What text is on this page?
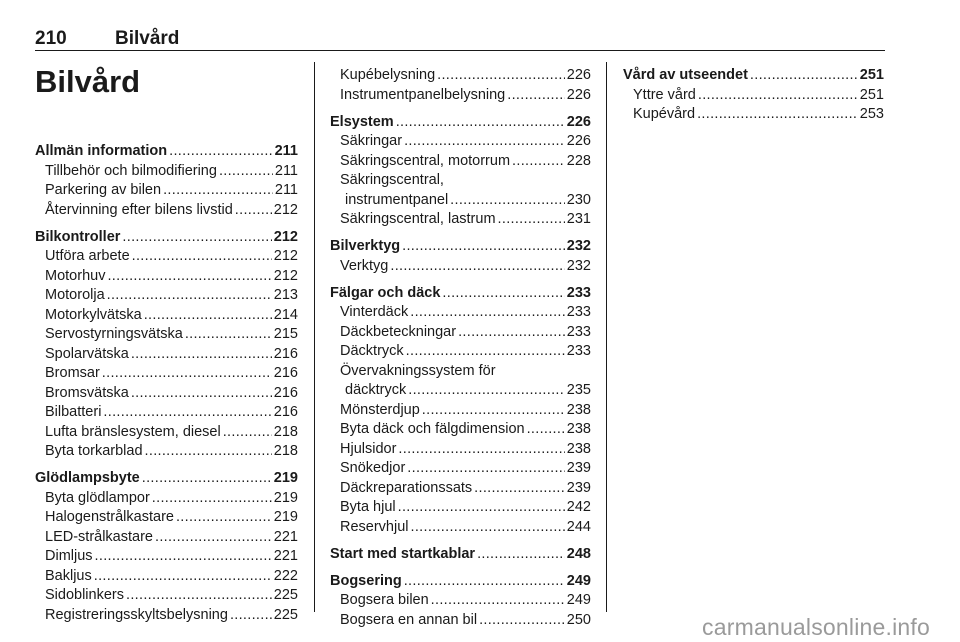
210	Bilvård
Bilvård
Allmän information .....	211
Tillbehör och bilmodifiering .....	211
Parkering av bilen .....	211
Återvinning efter bilens livstid .....	212
Bilkontroller .....	212
Utföra arbete .....	212
Motorhuv .....	212
Motorolja .....	213
Motorkylvätska .....	214
Servostyrningsvätska .....	215
Spolarvätska .....	216
Bromsar .....	216
Bromsvätska .....	216
Bilbatteri .....	216
Lufta bränslesystem, diesel .....	218
Byta torkarblad .....	218
Glödlampsbyte .....	219
Byta glödlampor .....	219
Halogenstrålkastare .....	219
LED-strålkastare .....	221
Dimljus .....	221
Bakljus .....	222
Sidoblinkers .....	225
Registreringsskyltsbelysning .....	225
Kupébelysning .....	226
Instrumentpanelbelysning .....	226
Elsystem .....	226
Säkringar .....	226
Säkringscentral, motorrum .....	228
Säkringscentral,
instrumentpanel .....	230
Säkringscentral, lastrum .....	231
Bilverktyg .....	232
Verktyg .....	232
Fälgar och däck .....	233
Vinterdäck .....	233
Däckbeteckningar .....	233
Däcktryck .....	233
Övervakningssystem för
däcktryck .....	235
Mönsterdjup .....	238
Byta däck och fälgdimension .....	238
Hjulsidor .....	238
Snökedjor .....	239
Däckreparationssats .....	239
Byta hjul .....	242
Reservhjul .....	244
Start med startkablar .....	248
Bogsering .....	249
Bogsera bilen .....	249
Bogsera en annan bil .....	250
Vård av utseendet .....	251
Yttre vård .....	251
Kupévård .....	253
carmanualsonline.info
